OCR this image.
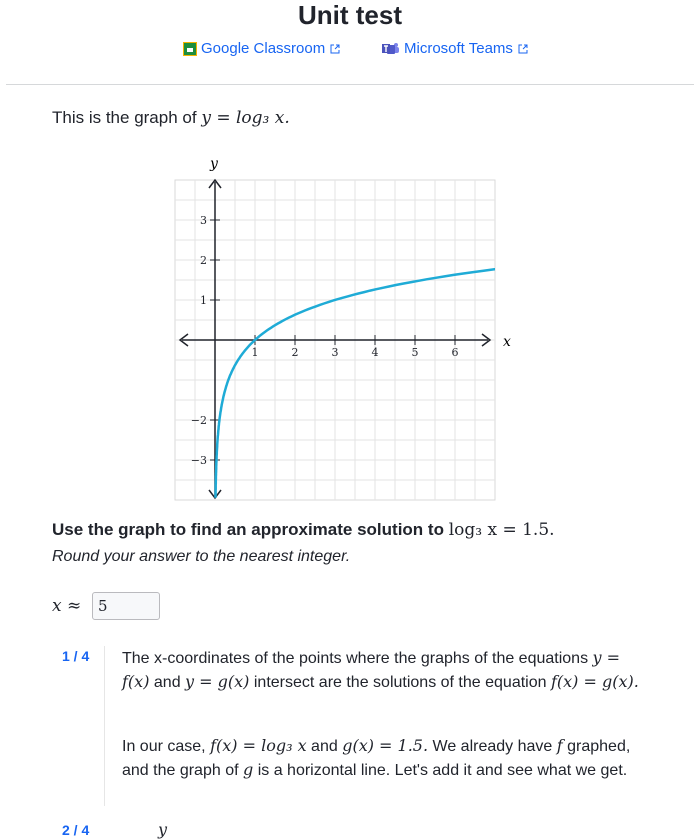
Unit test
Google Classroom	Microsoft Teams
This is the graph of y = log₃ x.
1	2	3	4	5	6
1
2
3
−2
−3
x
y
Use the graph to find an approximate solution to log₃ x = 1.5.
Round your answer to the nearest integer.
x ≈
5
1 / 4 The x-coordinates of the points where the graphs of the equations y = f(x) and y = g(x) intersect are the solutions of the equation f(x) = g(x).
In our case, f(x) = log₃ x and g(x) = 1.5. We already have f graphed, and the graph of g is a horizontal line. Let's add it and see what we get.
2 / 4	y
